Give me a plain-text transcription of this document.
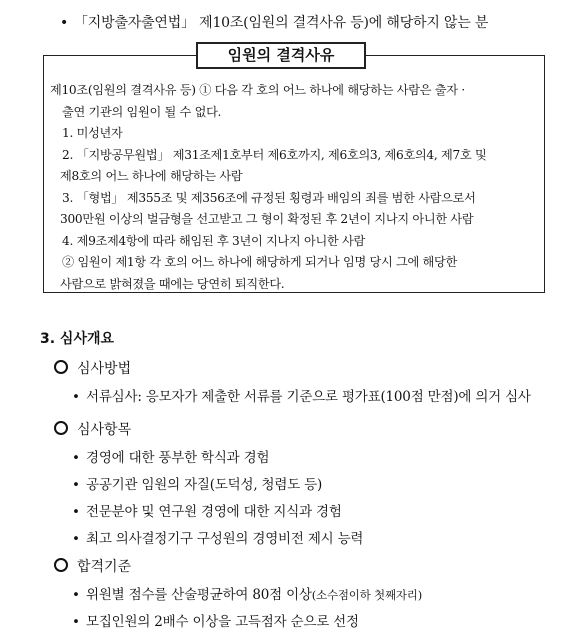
• 「지방출자출연법」 제10조(임원의 결격사유 등)에 해당하지 않는 분
임원의 결격사유
제10조(임원의 결격사유 등) ① 다음 각 호의 어느 하나에 해당하는 사람은 출자 ·
출연 기관의 임원이 될 수 없다.
1. 미성년자
2. 「지방공무원법」 제31조제1호부터 제6호까지, 제6호의3, 제6호의4, 제7호 및
제8호의 어느 하나에 해당하는 사람
3. 「형법」 제355조 및 제356조에 규정된 횡령과 배임의 죄를 범한 사람으로서
300만원 이상의 벌금형을 선고받고 그 형이 확정된 후 2년이 지나지 아니한 사람
4. 제9조제4항에 따라 해임된 후 3년이 지나지 아니한 사람
② 임원이 제1항 각 호의 어느 하나에 해당하게 되거나 임명 당시 그에 해당한
사람으로 밝혀졌을 때에는 당연히 퇴직한다.
3. 심사개요
심사방법
• 서류심사: 응모자가 제출한 서류를 기준으로 평가표(100점 만점)에 의거 심사
심사항목
• 경영에 대한 풍부한 학식과 경험
• 공공기관 임원의 자질(도덕성, 청렴도 등)
• 전문분야 및 연구원 경영에 대한 지식과 경험
• 최고 의사결정기구 구성원의 경영비전 제시 능력
합격기준
• 위원별 점수를 산술평균하여 80점 이상(소수점이하 첫째자리)
• 모집인원의 2배수 이상을 고득점자 순으로 선정
